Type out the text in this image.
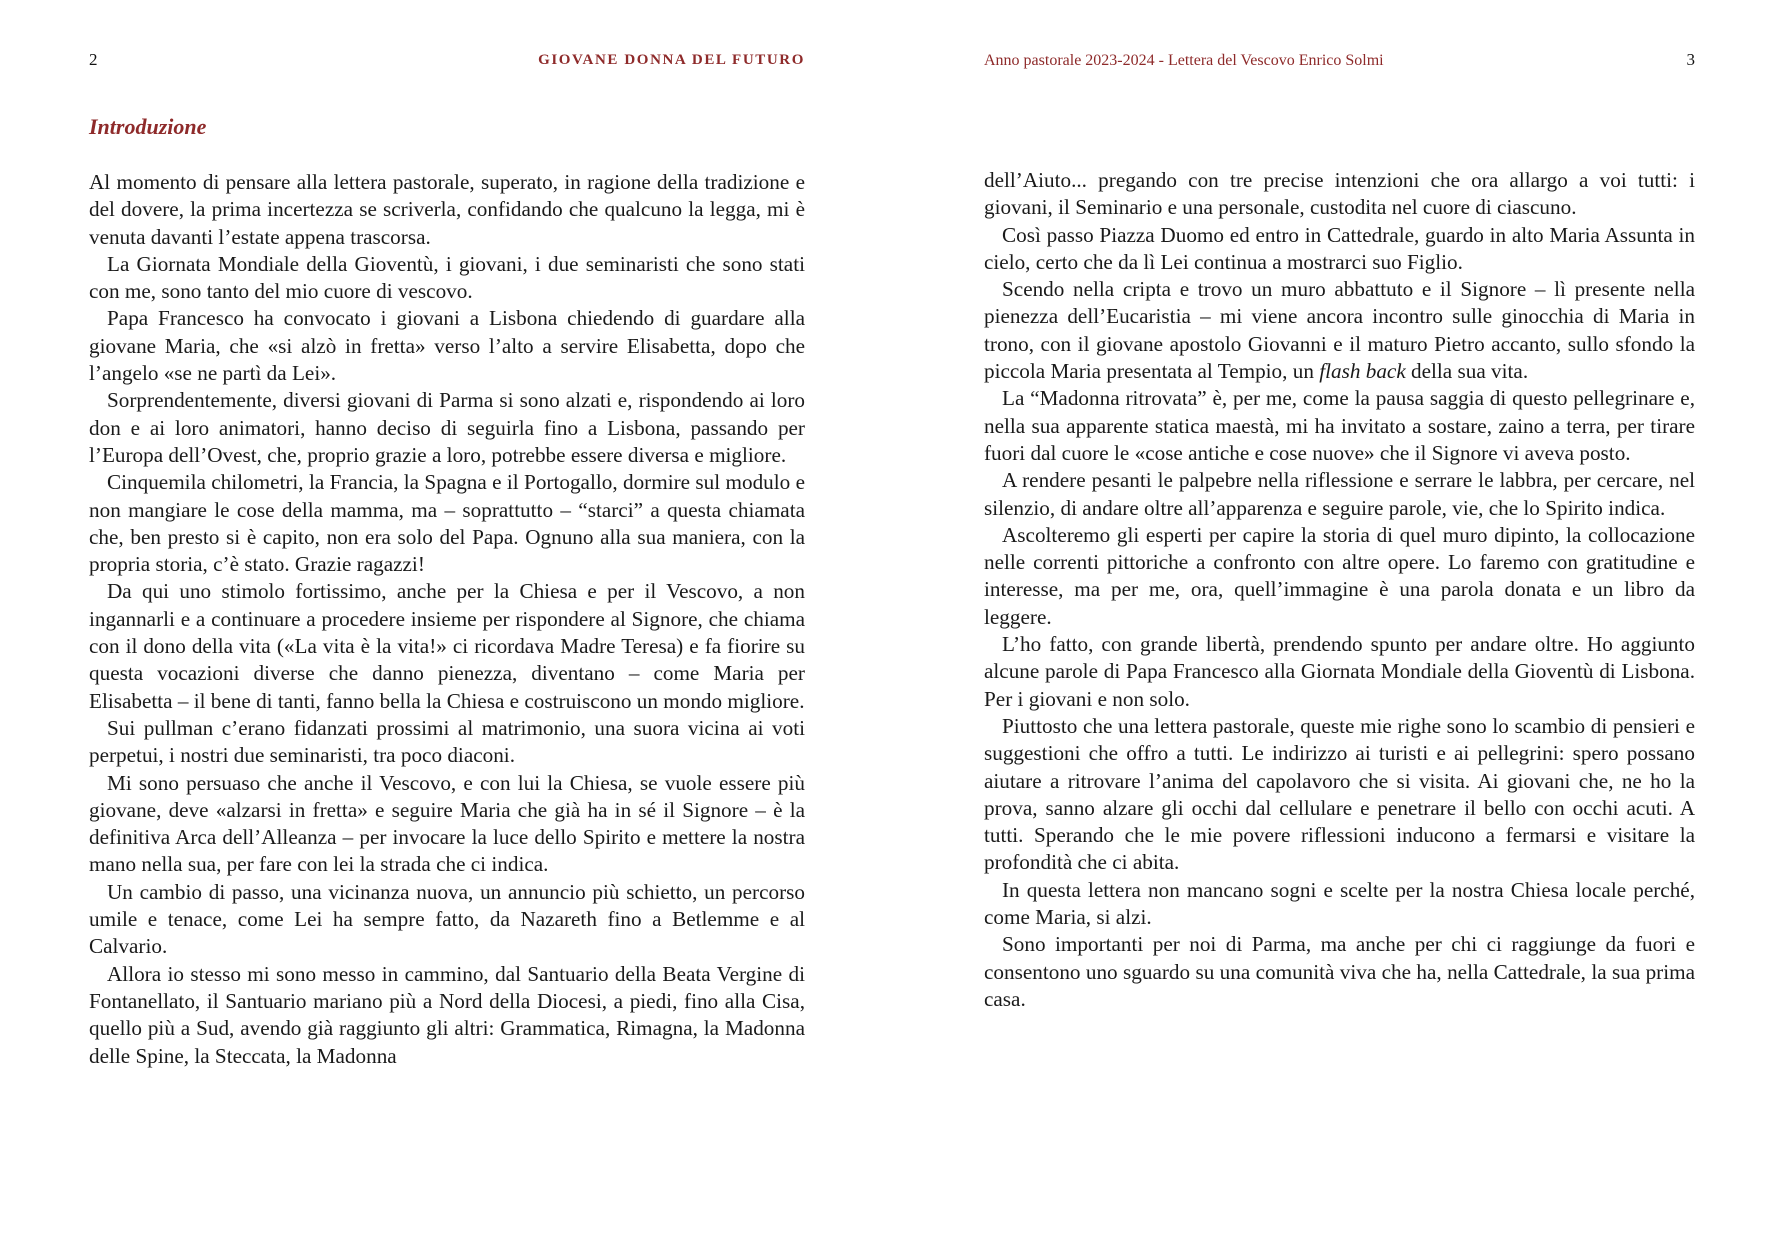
2	GIOVANE DONNA DEL FUTURO
Introduzione

Al momento di pensare alla lettera pastorale, superato, in ragione della tradizione e del dovere, la prima incertezza se scriverla, confidando che qualcuno la legga, mi è venuta davanti l’estate appena trascorsa.

La Giornata Mondiale della Gioventù, i giovani, i due seminaristi che sono stati con me, sono tanto del mio cuore di vescovo.

Papa Francesco ha convocato i giovani a Lisbona chiedendo di guardare alla giovane Maria, che «si alzò in fretta» verso l’alto a servire Elisabetta, dopo che l’angelo «se ne partì da Lei».

Sorprendentemente, diversi giovani di Parma si sono alzati e, rispondendo ai loro don e ai loro animatori, hanno deciso di seguirla fino a Lisbona, passando per l’Europa dell’Ovest, che, proprio grazie a loro, potrebbe essere diversa e migliore.

Cinquemila chilometri, la Francia, la Spagna e il Portogallo, dormire sul modulo e non mangiare le cose della mamma, ma – soprattutto – “starci” a questa chiamata che, ben presto si è capito, non era solo del Papa. Ognuno alla sua maniera, con la propria storia, c’è stato. Grazie ragazzi!

Da qui uno stimolo fortissimo, anche per la Chiesa e per il Vescovo, a non ingannarli e a continuare a procedere insieme per rispondere al Signore, che chiama con il dono della vita («La vita è la vita!» ci ricordava Madre Teresa) e fa fiorire su questa vocazioni diverse che danno pienezza, diventano – come Maria per Elisabetta – il bene di tanti, fanno bella la Chiesa e costruiscono un mondo migliore.

Sui pullman c’erano fidanzati prossimi al matrimonio, una suora vicina ai voti perpetui, i nostri due seminaristi, tra poco diaconi.

Mi sono persuaso che anche il Vescovo, e con lui la Chiesa, se vuole essere più giovane, deve «alzarsi in fretta» e seguire Maria che già ha in sé il Signore – è la definitiva Arca dell’Alleanza – per invocare la luce dello Spirito e mettere la nostra mano nella sua, per fare con lei la strada che ci indica.

Un cambio di passo, una vicinanza nuova, un annuncio più schietto, un percorso umile e tenace, come Lei ha sempre fatto, da Nazareth fino a Betlemme e al Calvario.

Allora io stesso mi sono messo in cammino, dal Santuario della Beata Vergine di Fontanellato, il Santuario mariano più a Nord della Diocesi, a piedi, fino alla Cisa, quello più a Sud, avendo già raggiunto gli altri: Grammatica, Rimagna, la Madonna delle Spine, la Steccata, la Madonna

Anno pastorale 2023-2024 - Lettera del Vescovo Enrico Solmi	3

dell’Aiuto... pregando con tre precise intenzioni che ora allargo a voi tutti: i giovani, il Seminario e una personale, custodita nel cuore di ciascuno.

Così passo Piazza Duomo ed entro in Cattedrale, guardo in alto Maria Assunta in cielo, certo che da lì Lei continua a mostrarci suo Figlio.

Scendo nella cripta e trovo un muro abbattuto e il Signore – lì presente nella pienezza dell’Eucaristia – mi viene ancora incontro sulle ginocchia di Maria in trono, con il giovane apostolo Giovanni e il maturo Pietro accanto, sullo sfondo la piccola Maria presentata al Tempio, un flash back della sua vita.

La “Madonna ritrovata” è, per me, come la pausa saggia di questo pellegrinare e, nella sua apparente statica maestà, mi ha invitato a sostare, zaino a terra, per tirare fuori dal cuore le «cose antiche e cose nuove» che il Signore vi aveva posto.

A rendere pesanti le palpebre nella riflessione e serrare le labbra, per cercare, nel silenzio, di andare oltre all’apparenza e seguire parole, vie, che lo Spirito indica.

Ascolteremo gli esperti per capire la storia di quel muro dipinto, la collocazione nelle correnti pittoriche a confronto con altre opere. Lo faremo con gratitudine e interesse, ma per me, ora, quell’immagine è una parola donata e un libro da leggere.

L’ho fatto, con grande libertà, prendendo spunto per andare oltre. Ho aggiunto alcune parole di Papa Francesco alla Giornata Mondiale della Gioventù di Lisbona. Per i giovani e non solo.

Piuttosto che una lettera pastorale, queste mie righe sono lo scambio di pensieri e suggestioni che offro a tutti. Le indirizzo ai turisti e ai pellegrini: spero possano aiutare a ritrovare l’anima del capolavoro che si visita. Ai giovani che, ne ho la prova, sanno alzare gli occhi dal cellulare e penetrare il bello con occhi acuti. A tutti. Sperando che le mie povere riflessioni inducono a fermarsi e visitare la profondità che ci abita.

In questa lettera non mancano sogni e scelte per la nostra Chiesa locale perché, come Maria, si alzi.

Sono importanti per noi di Parma, ma anche per chi ci raggiunge da fuori e consentono uno sguardo su una comunità viva che ha, nella Cattedrale, la sua prima casa.
